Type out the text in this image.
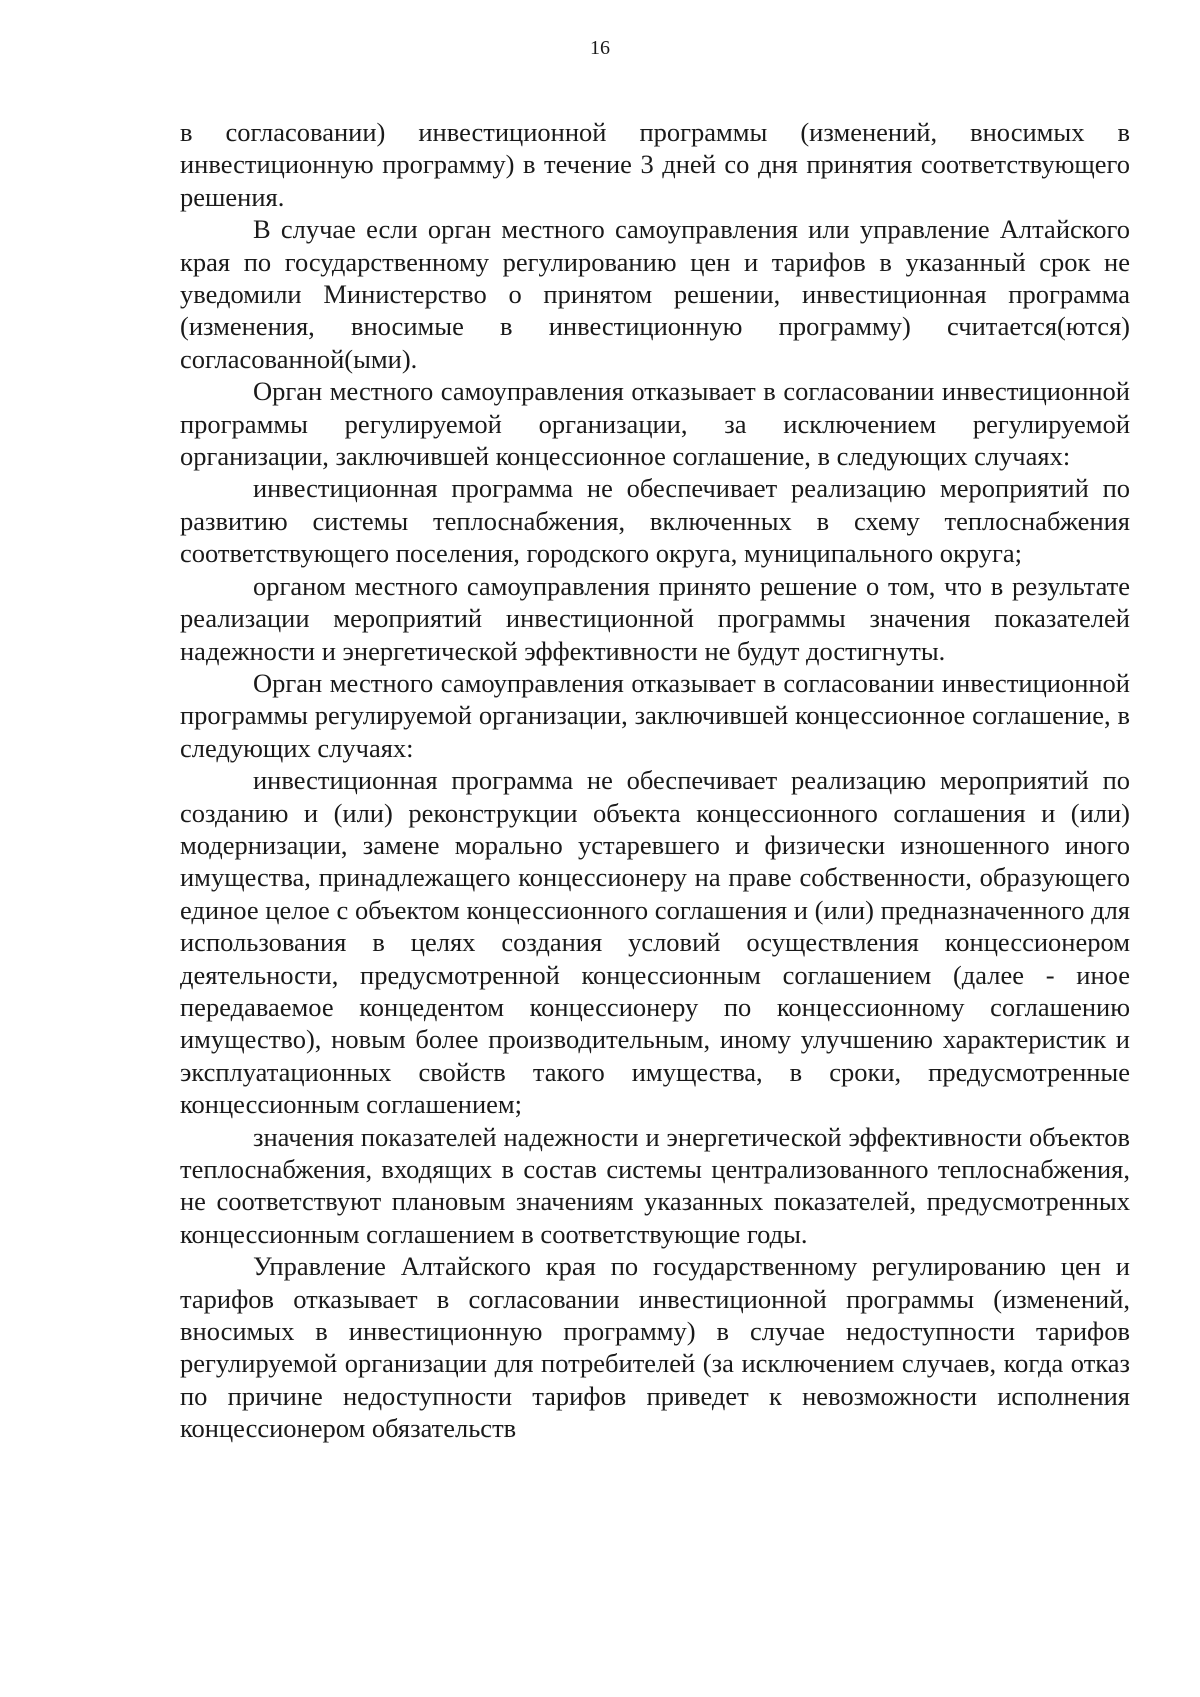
16

в согласовании) инвестиционной программы (изменений, вносимых в инвестиционную программу) в течение 3 дней со дня принятия соответствующего решения.

В случае если орган местного самоуправления или управление Алтайского края по государственному регулированию цен и тарифов в указанный срок не уведомили Министерство о принятом решении, инвестиционная программа (изменения, вносимые в инвестиционную программу) считается(ются) согласованной(ыми).

Орган местного самоуправления отказывает в согласовании инвестиционной программы регулируемой организации, за исключением регулируемой организации, заключившей концессионное соглашение, в следующих случаях:

инвестиционная программа не обеспечивает реализацию мероприятий по развитию системы теплоснабжения, включенных в схему теплоснабжения соответствующего поселения, городского округа, муниципального округа;

органом местного самоуправления принято решение о том, что в результате реализации мероприятий инвестиционной программы значения показателей надежности и энергетической эффективности не будут достигнуты.

Орган местного самоуправления отказывает в согласовании инвестиционной программы регулируемой организации, заключившей концессионное соглашение, в следующих случаях:

инвестиционная программа не обеспечивает реализацию мероприятий по созданию и (или) реконструкции объекта концессионного соглашения и (или) модернизации, замене морально устаревшего и физически изношенного иного имущества, принадлежащего концессионеру на праве собственности, образующего единое целое с объектом концессионного соглашения и (или) предназначенного для использования в целях создания условий осуществления концессионером деятельности, предусмотренной концессионным соглашением (далее - иное передаваемое концедентом концессионеру по концессионному соглашению имущество), новым более производительным, иному улучшению характеристик и эксплуатационных свойств такого имущества, в сроки, предусмотренные концессионным соглашением;

значения показателей надежности и энергетической эффективности объектов теплоснабжения, входящих в состав системы централизованного теплоснабжения, не соответствуют плановым значениям указанных показателей, предусмотренных концессионным соглашением в соответствующие годы.

Управление Алтайского края по государственному регулированию цен и тарифов отказывает в согласовании инвестиционной программы (изменений, вносимых в инвестиционную программу) в случае недоступности тарифов регулируемой организации для потребителей (за исключением случаев, когда отказ по причине недоступности тарифов приведет к невозможности исполнения концессионером обязательств
